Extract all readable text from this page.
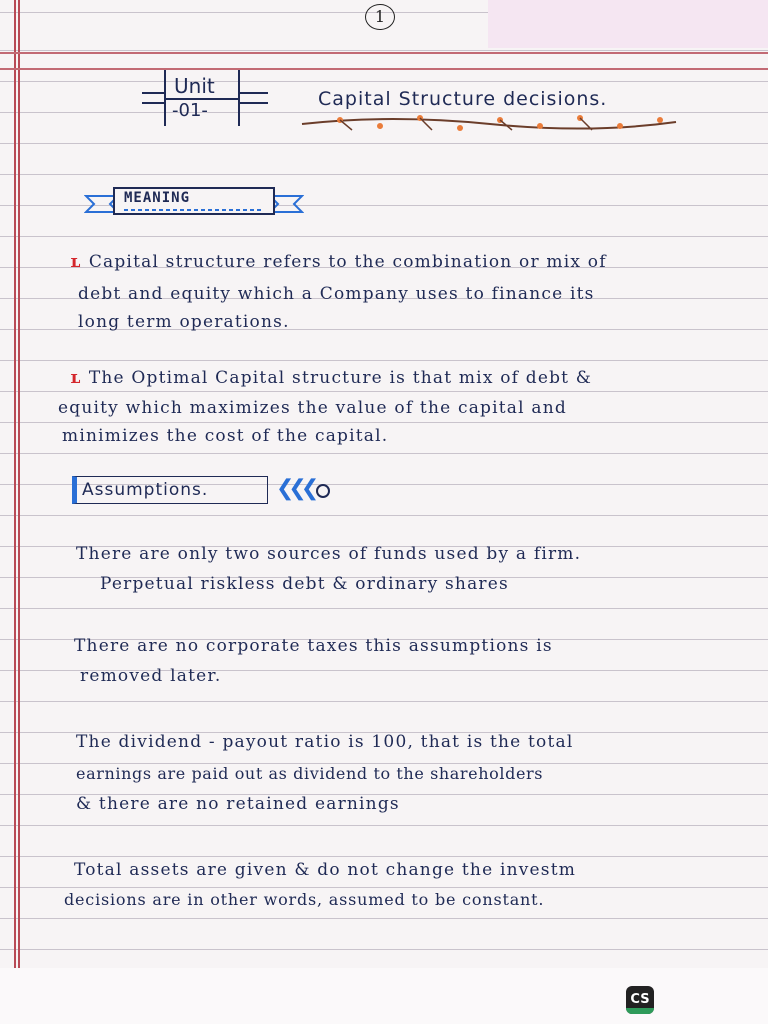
1
Unit
-01-
Capital Structure decisions.
MEANING
ʟ Capital structure refers to the combination or mix of
debt and equity which a Company uses to finance its
long term operations.
ʟ The Optimal Capital structure is that mix of debt &
equity which maximizes the value of the capital and
minimizes the cost of the capital.
Assumptions.	❮❮❮
There are only two sources of funds used by a firm.
Perpetual riskless debt & ordinary shares
There are no corporate taxes this assumptions is
removed later.
The dividend - payout ratio is 100, that is the total
earnings are paid out as dividend to the shareholders
& there are no retained earnings
Total assets are given & do not change the investm
decisions are in other words, assumed to be constant.
CS
